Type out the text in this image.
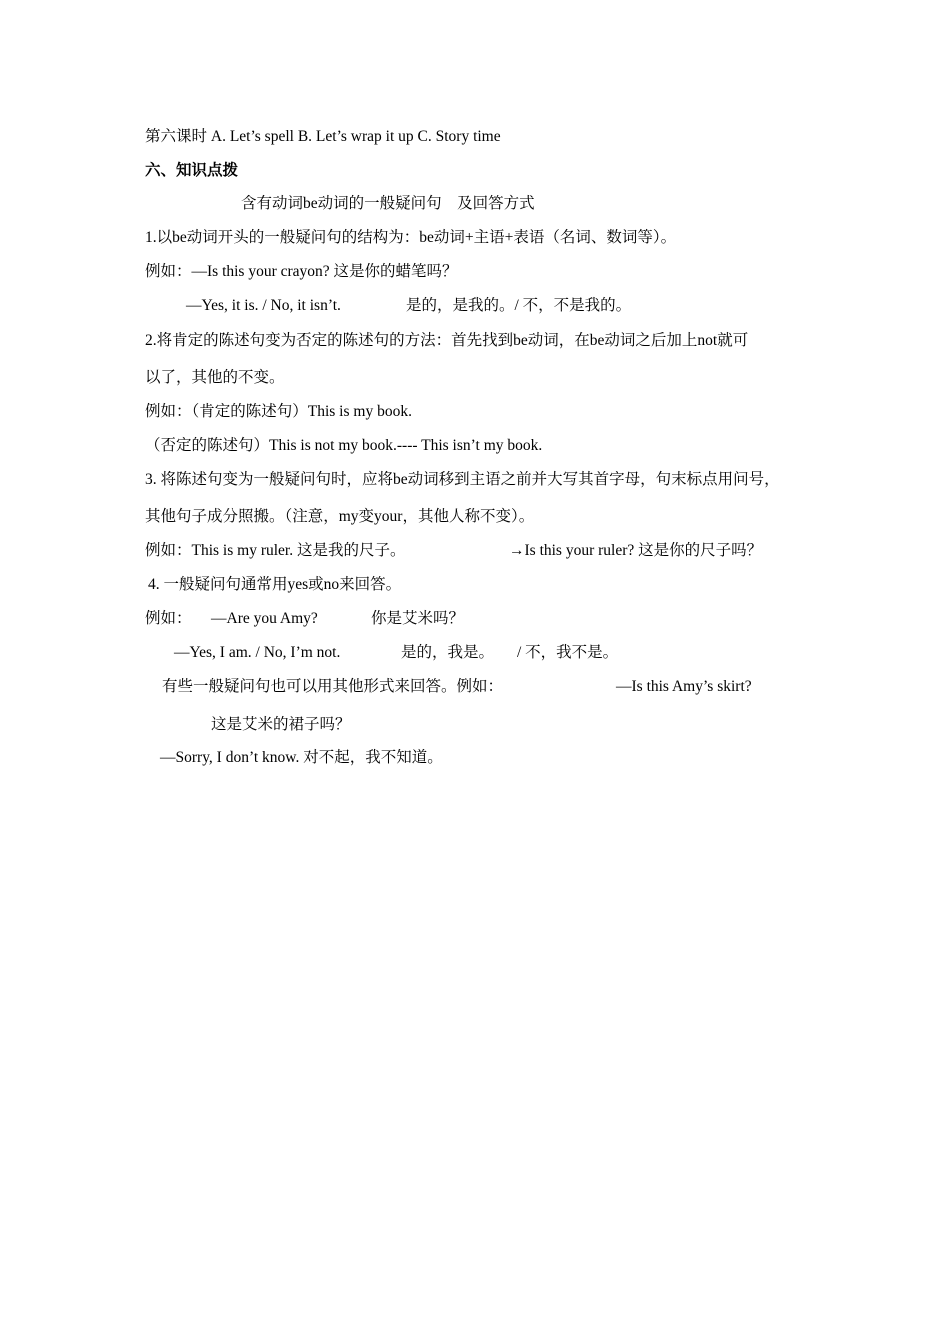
第六课时 A. Let’s spell B. Let’s wrap it up C. Story time
六、知识点拨
含有动词be动词的一般疑问句　及回答方式
1.以be动词开头的一般疑问句的结构为：be动词+主语+表语（名词、数词等）。
例如：—Is this your crayon? 这是你的蜡笔吗？
—Yes, it is. / No, it isn’t.	是的，是我的。/ 不，不是我的。
2.将肯定的陈述句变为否定的陈述句的方法：首先找到be动词，在be动词之后加上not就可
以了，其他的不变。
例如：（肯定的陈述句）This is my book.
（否定的陈述句）This is not my book.---- This isn’t my book.
3. 将陈述句变为一般疑问句时，应将be动词移到主语之前并大写其首字母，句末标点用问号，
其他句子成分照搬。（注意，my变your，其他人称不变）。
例如：This is my ruler. 这是我的尺子。	→Is this your ruler? 这是你的尺子吗？
4. 一般疑问句通常用yes或no来回答。
例如： —Are you Amy?	你是艾米吗？
—Yes, I am. / No, I’m not.	是的，我是。 / 不，我不是。
有些一般疑问句也可以用其他形式来回答。例如：	—Is this Amy’s skirt?
这是艾米的裙子吗？
—Sorry, I don’t know. 对不起，我不知道。
